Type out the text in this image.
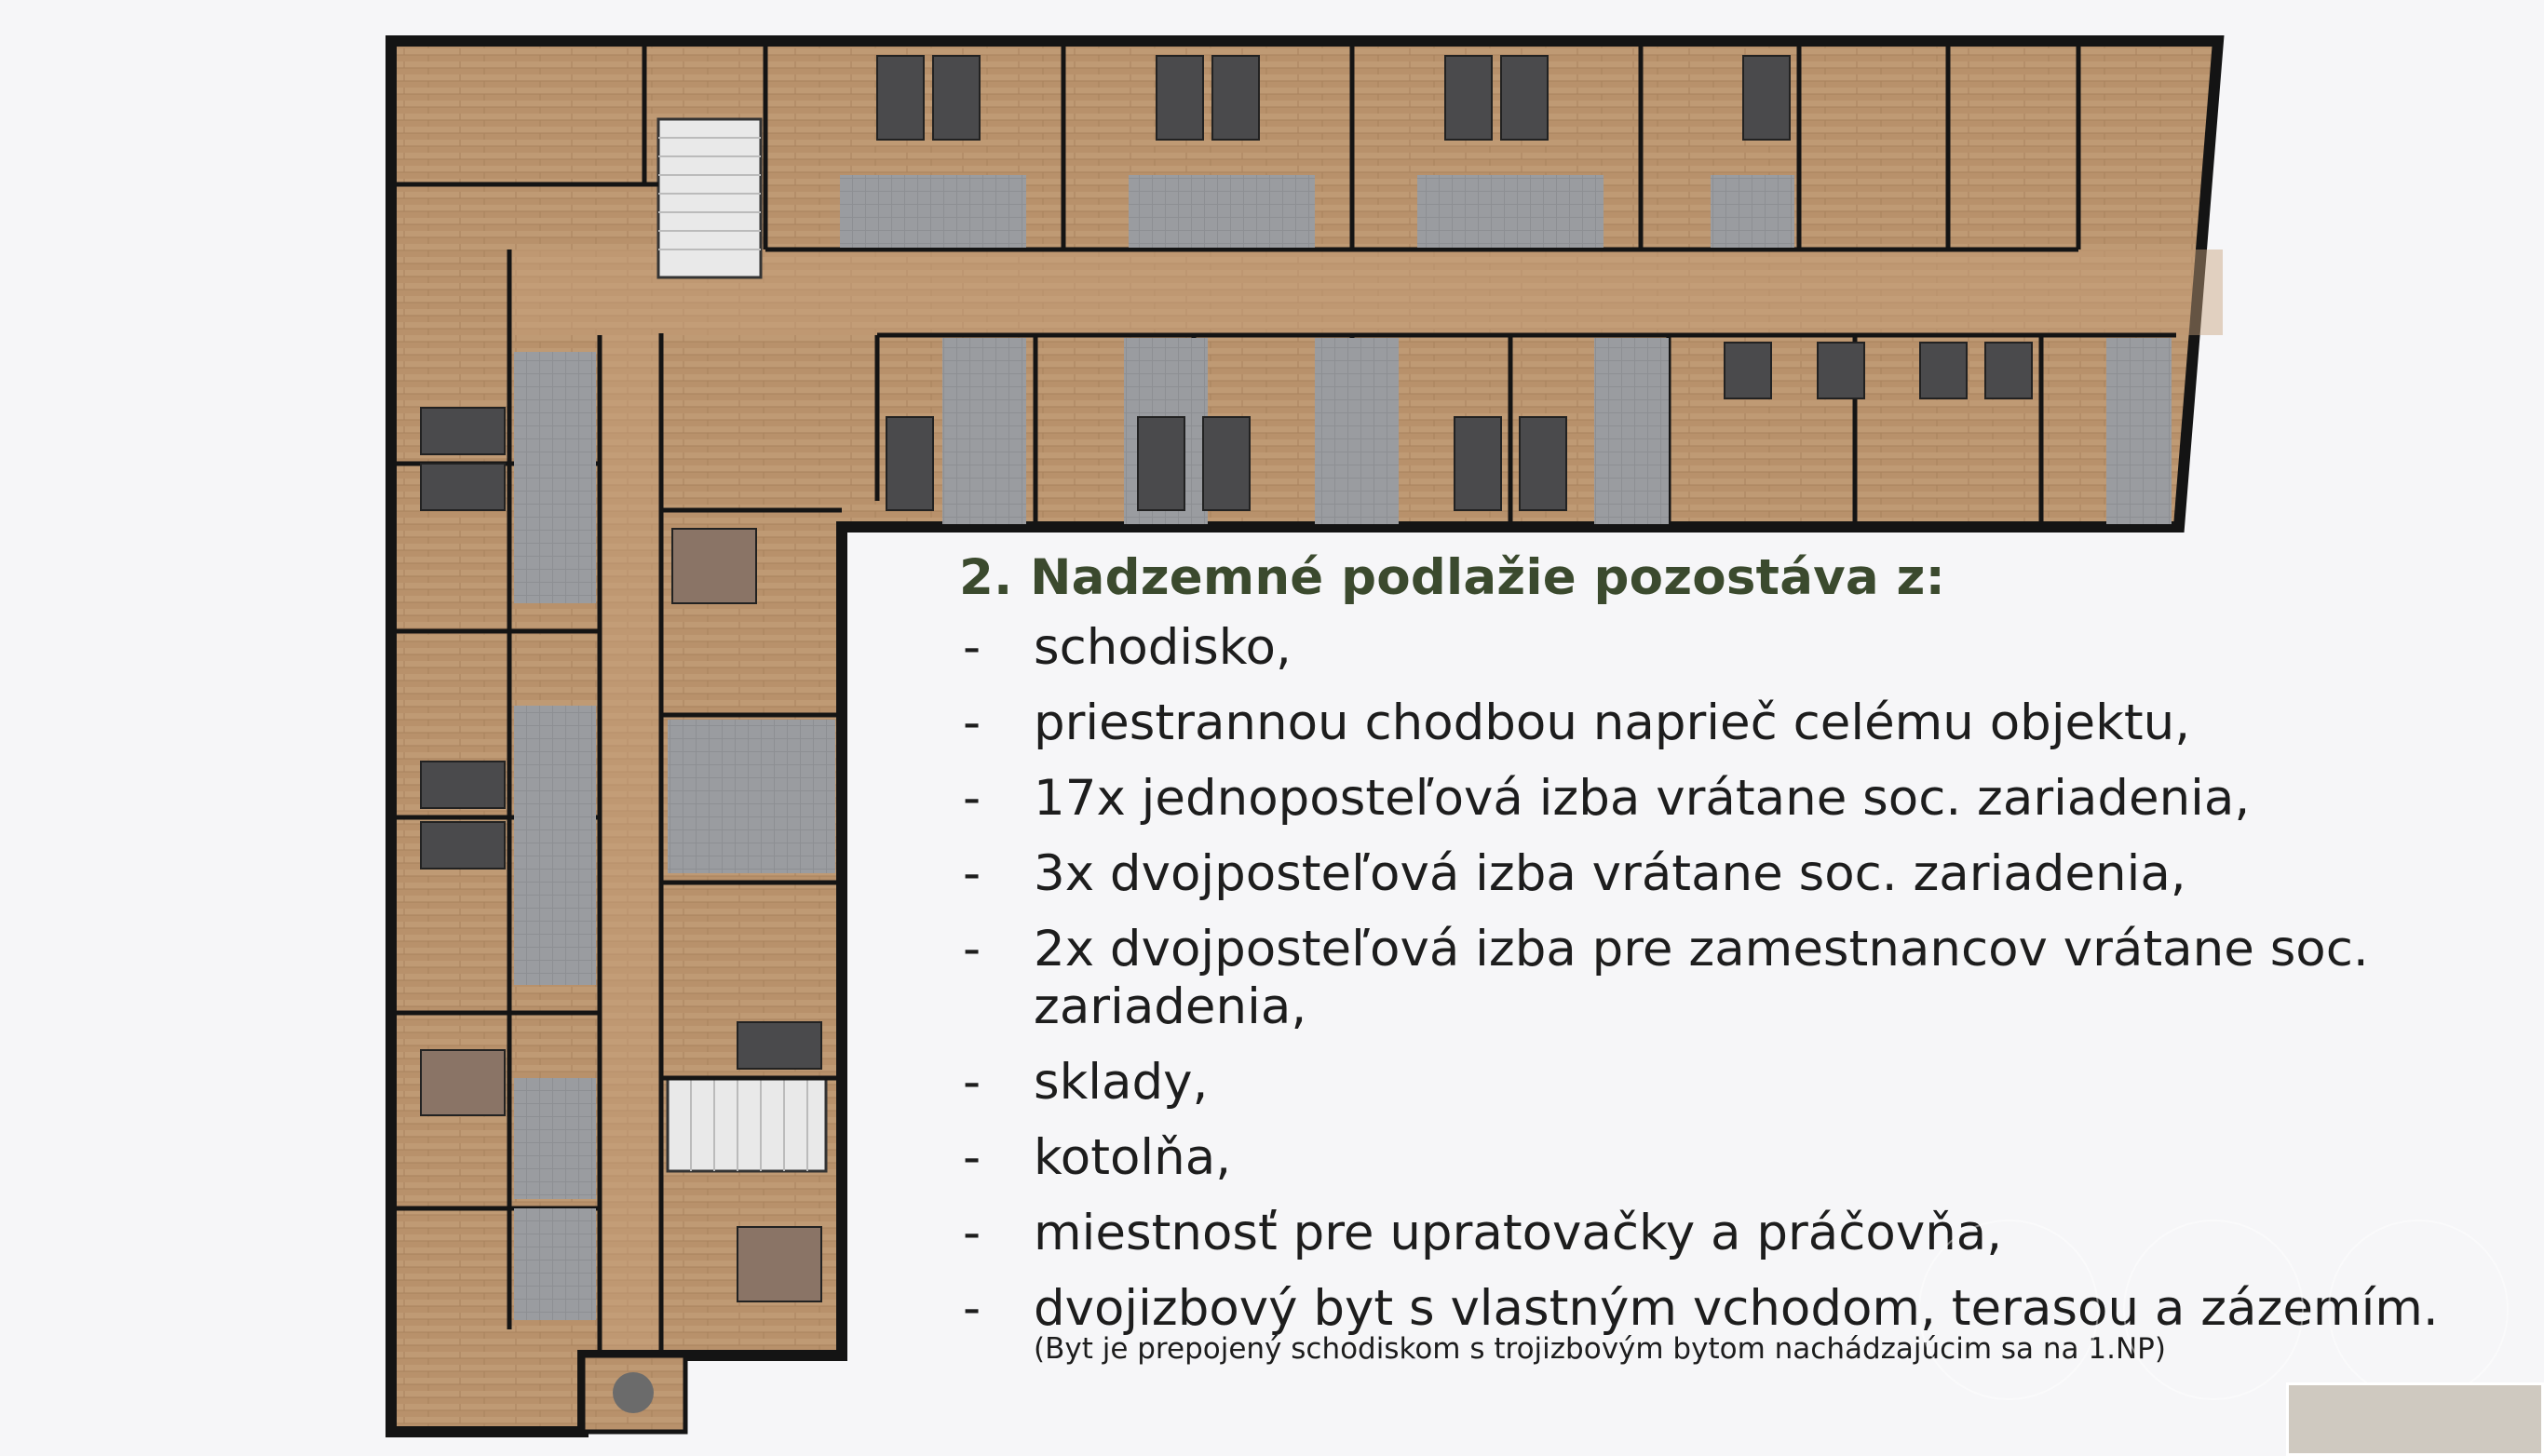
2. Nadzemné podlažie pozostáva z:
- schodisko,
- priestrannou chodbou naprieč celému objektu,
- 17x jednoposteľová izba vrátane soc. zariadenia,
- 3x dvojposteľová izba vrátane soc. zariadenia,
- 2x dvojposteľová izba pre zamestnancov vrátane soc. zariadenia,
- sklady,
- kotolňa,
- miestnosť pre upratovačky a práčovňa,
- dvojizbový byt s vlastným vchodom, terasou a zázemím.
(Byt je prepojený schodiskom s trojizbovým bytom nachádzajúcim sa na 1.NP)
